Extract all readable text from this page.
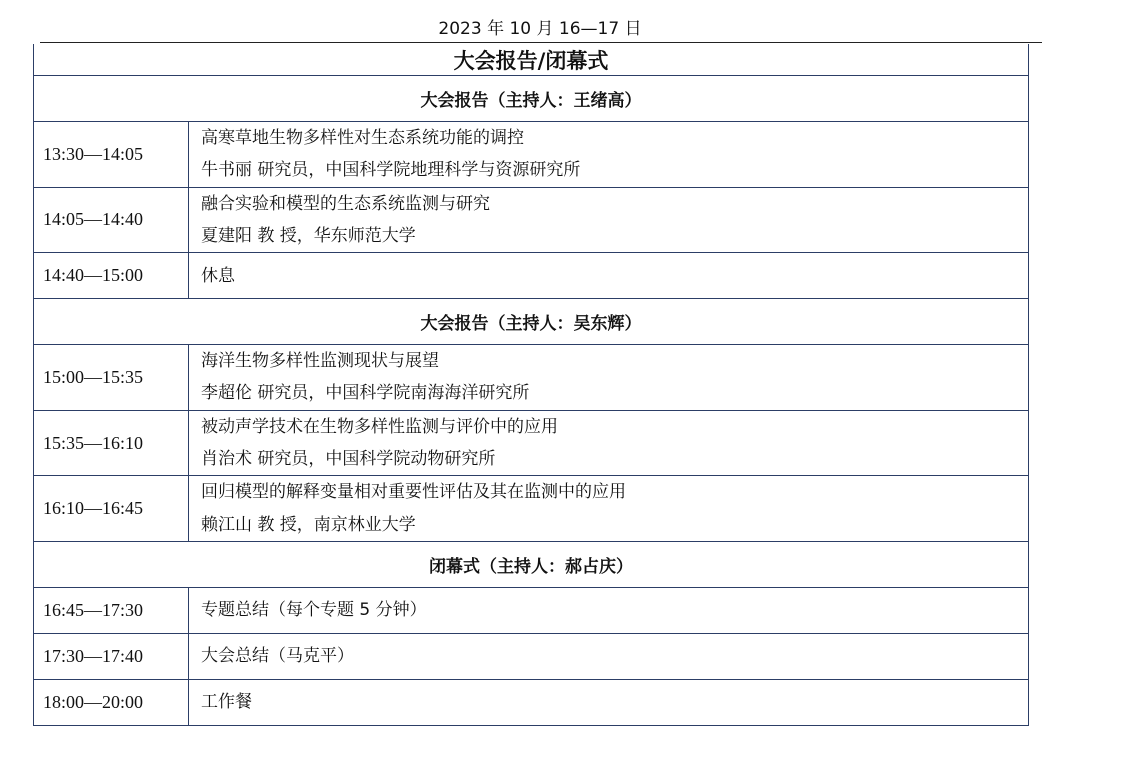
2023 年 10 月 16—17 日
大会报告/闭幕式	
大会报告（主持人：王绪高）	
13:30—14:05	高寒草地生物多样性对生态系统功能的调控
牛书丽 研究员，中国科学院地理科学与资源研究所

14:05—14:40	融合实验和模型的生态系统监测与研究
夏建阳 教 授，华东师范大学

14:40—15:00	休息

大会报告（主持人：吴东辉）	
15:00—15:35	海洋生物多样性监测现状与展望
李超伦 研究员，中国科学院南海海洋研究所

15:35—16:10	被动声学技术在生物多样性监测与评价中的应用
肖治术 研究员，中国科学院动物研究所

16:10—16:45	回归模型的解释变量相对重要性评估及其在监测中的应用
赖江山 教 授，南京林业大学

闭幕式（主持人：郝占庆）	
16:45—17:30	专题总结（每个专题 5 分钟）

17:30—17:40	大会总结（马克平）

18:00—20:00	工作餐
